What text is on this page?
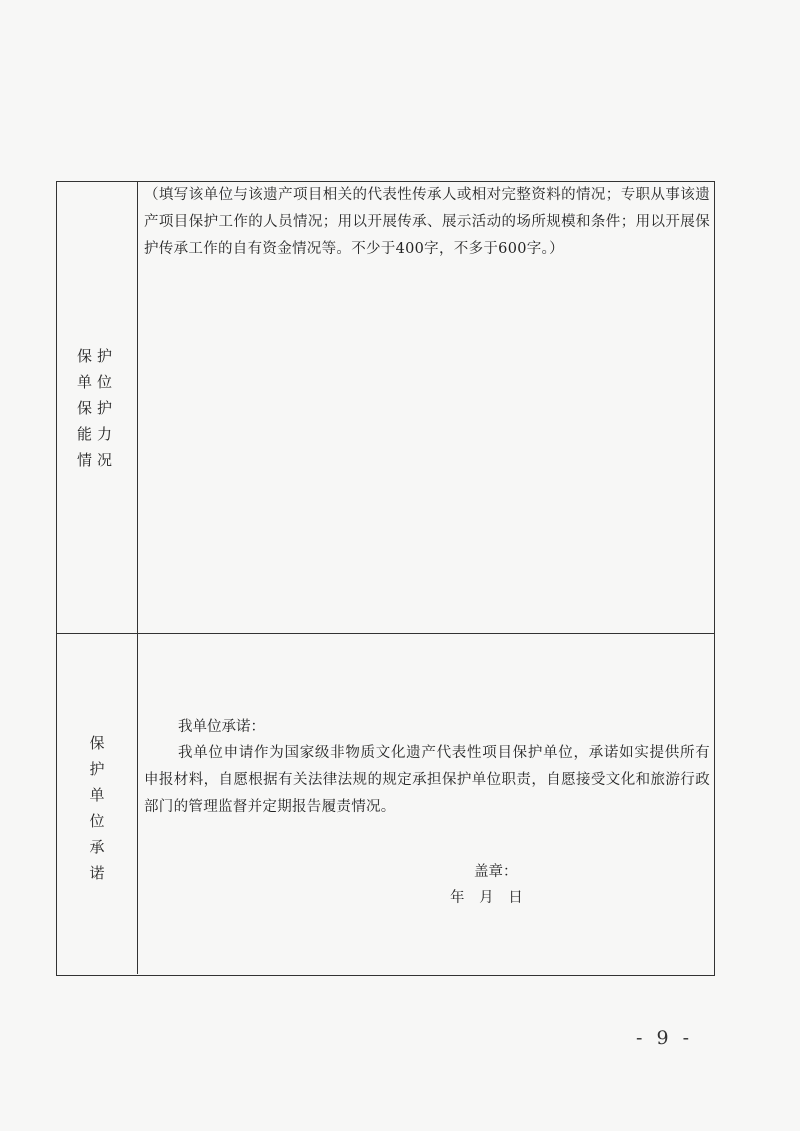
保护
单位
保护
能力
情况
（填写该单位与该遗产项目相关的代表性传承人或相对完整资料的情况；专职从事该遗产项目保护工作的人员情况；用以开展传承、展示活动的场所规模和条件；用以开展保护传承工作的自有资金情况等。不少于400字，不多于600字。）
保
护
单
位
承
诺
我单位承诺：
我单位申请作为国家级非物质文化遗产代表性项目保护单位，承诺如实提供所有申报材料，自愿根据有关法律法规的规定承担保护单位职责，自愿接受文化和旅游行政部门的管理监督并定期报告履责情况。
盖章：
年 月 日
- 9 -
